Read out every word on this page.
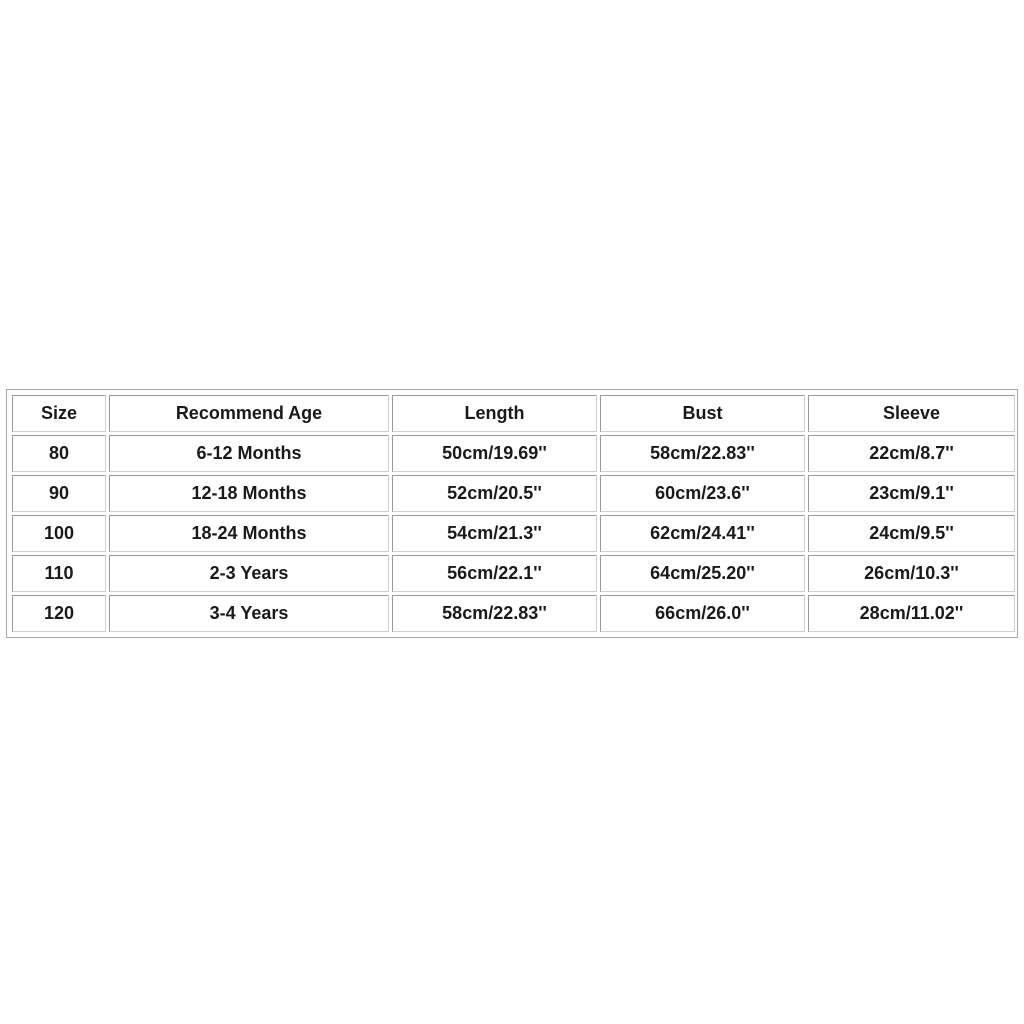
Size	Recommend Age	Length	Bust	Sleeve
80	6-12 Months	50cm/19.69''	58cm/22.83''	22cm/8.7''
90	12-18 Months	52cm/20.5''	60cm/23.6''	23cm/9.1''
100	18-24 Months	54cm/21.3''	62cm/24.41''	24cm/9.5''
110	2-3 Years	56cm/22.1''	64cm/25.20''	26cm/10.3''
120	3-4 Years	58cm/22.83''	66cm/26.0''	28cm/11.02''
